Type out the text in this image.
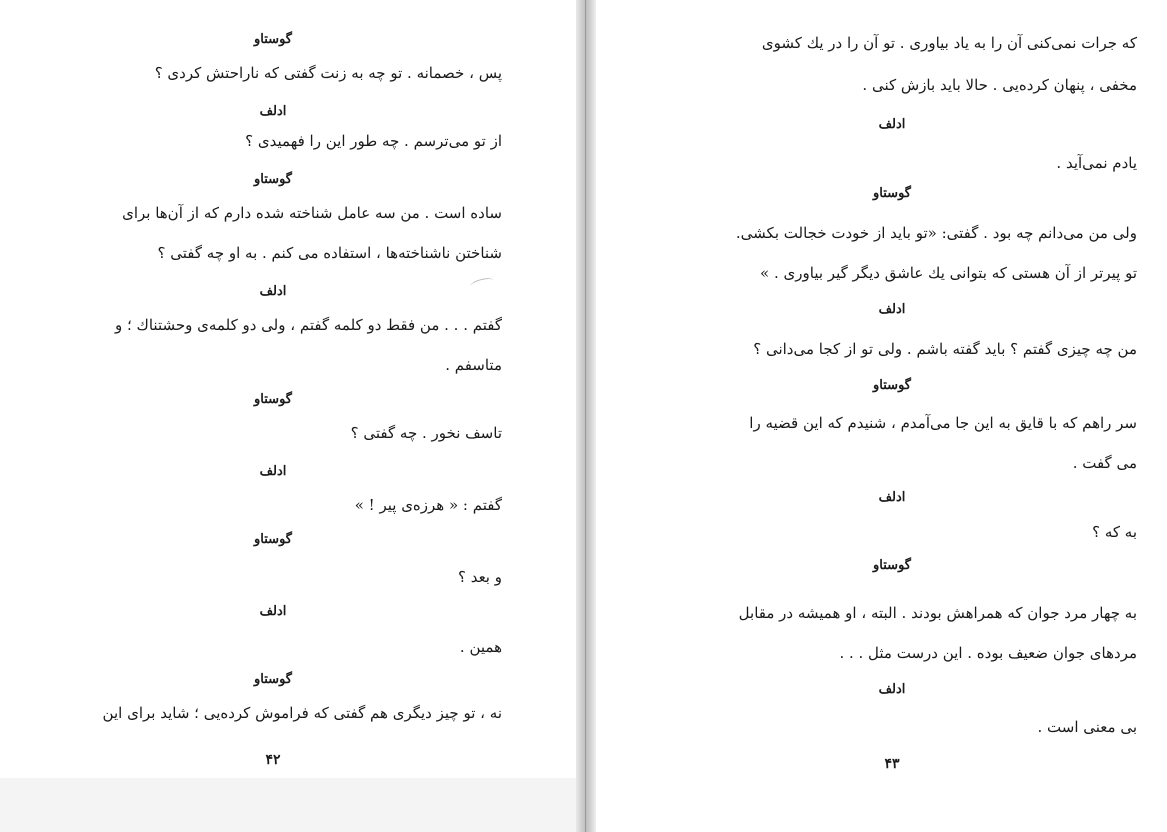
گوستاو
پس ، خصمانه . تو چه به زنت گفتی که ناراحتش کردی ؟
ادلف
از تو می‌ترسم . چه طور این را فهمیدی ؟
گوستاو
ساده است . من سه عامل شناخته شده دارم که از آن‌ها برای
شناختن ناشناخته‌ها ، استفاده می کنم . به او چه گفتی ؟
ادلف
گفتم . . . من فقط دو کلمه گفتم ، ولی دو کلمه‌ی وحشتناك ؛ و
متاسفم .
گوستاو
تاسف نخور . چه گفتی ؟
ادلف
گفتم : « هرزه‌ی پیر ! »
گوستاو
و بعد ؟
ادلف
همین .
گوستاو
نه ، تو چیز دیگری هم گفتی که فراموش کرده‌یی ؛ شاید برای این
۴۲
که جرات نمی‌کنی آن را به یاد بیاوری . تو آن را در یك کشوی
مخفی ، پنهان کرده‌یی . حالا باید بازش کنی .
ادلف
یادم نمی‌آید .
گوستاو
ولی من می‌دانم چه بود . گفتی: «تو باید از خودت خجالت بکشی.
تو پیرتر از آن هستی که بتوانی یك عاشق دیگر گیر بیاوری . »
ادلف
من چه چیزی گفتم ؟ باید گفته باشم . ولی تو از کجا می‌دانی ؟
گوستاو
سر راهم که با قایق به این جا می‌آمدم ، شنیدم که این قضیه را
می گفت .
ادلف
به که ؟
گوستاو
به چهار مرد جوان که همراهش بودند . البته ، او همیشه در مقابل
مردهای جوان ضعیف بوده . این درست مثل . . .
ادلف
بی معنی است .
۴۳
